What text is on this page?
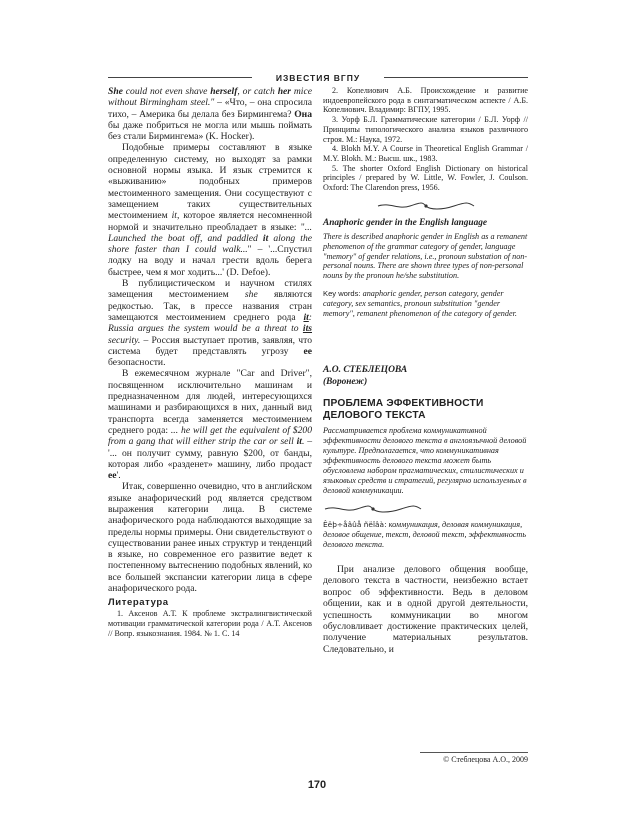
ИЗВЕСТИЯ ВГПУ

She could not even shave herself, or catch her mice without Birmingham steel." – «Что, – она спросила тихо, – Америка бы делала без Бирмингема? Она бы даже побриться не могла или мышь поймать без стали Бирмингема» (K. Hocker).

Подобные примеры составляют в языке определенную систему, но выходят за рамки основной нормы языка. И язык стремится к «выживанию» подобных примеров местоименного замещения. Они сосуществуют с замещением таких существительных местоимением it, которое является несомненной нормой и значительно преобладает в языке: "... Launched the boat off, and paddled it along the shore faster than I could walk..." – '...Спустил лодку на воду и начал грести вдоль берега быстрее, чем я мог ходить...' (D. Defoe).

В публицистическом и научном стилях замещения местоимением she являются редкостью. Так, в прессе названия стран замещаются местоимением среднего рода it: Russia argues the system would be a threat to its security. – Россия выступает против, заявляя, что система будет представлять угрозу ее безопасности.

В ежемесячном журнале "Car and Driver", посвященном исключительно машинам и предназначенном для людей, интересующихся машинами и разбирающихся в них, данный вид транспорта всегда заменяется местоимением среднего рода: ... he will get the equivalent of $200 from a gang that will either strip the car or sell it. – '... он получит сумму, равную $200, от банды, которая либо «разденет» машину, либо продаст ее'.

Итак, совершенно очевидно, что в английском языке анафорический род является средством выражения категории лица. В системе анафорического рода наблюдаются выходящие за пределы нормы примеры. Они свидетельствуют о существовании ранее иных структур и тенденций в языке, но современное его развитие ведет к постепенному вытеснению подобных явлений, ко все большей экспансии категории лица в сфере анафорического рода.

Литература
1. Аксенов А.Т. К проблеме экстралингвистической мотивации грамматической категории рода / А.Т. Аксенов // Вопр. языкознания. 1984. № 1. С. 14
2. Копелиович А.Б. Происхождение и развитие индоевропейского рода в синтагматическом аспекте / А.Б. Копелиович. Владимир: ВГПУ, 1995.
3. Уорф Б.Л. Грамматические категории / Б.Л. Уорф // Принципы типологического анализа языков различного строя. М.: Наука, 1972.
4. Blokh M.Y. A Course in Theoretical English Grammar / M.Y. Blokh. М.: Высш. шк., 1983.
5. The shorter Oxford English Dictionary on historical principles / prepared by W. Little, W. Fowler, J. Coulson. Oxford: The Clarendon press, 1956.
Anaphoric gender in the English language
There is described anaphoric gender in English as a remanent phenomenon of the grammar category of gender, language "memory" of gender relations, i.e., pronoun substation of non-personal nouns. There are shown three types of non-personal nouns by the pronoun he/she substitution.
Key words: anaphoric gender, person category, gender category, sex semantics, pronoun substitution "gender memory", remanent phenomenon of the category of gender.
А.О. СТЕБЛЕЦОВА
(Воронеж)
ПРОБЛЕМА ЭФФЕКТИВНОСТИ
ДЕЛОВОГО ТЕКСТА
Рассматривается проблема коммуникативной эффективности делового текста в англоязычной деловой культуре. Предполагается, что коммуникативная эффективность делового текста может быть обусловлена набором прагматических, стилистических и языковых средств и стратегий, регулярно используемых в деловой коммуникации.
Êëþ÷åâûå ñëîâà: коммуникация, деловая коммуникация, деловое общение, текст, деловой текст, эффективность делового текста.

При анализе делового общения вообще, делового текста в частности, неизбежно встает вопрос об эффективности. Ведь в деловом общении, как и в одной другой деятельности, успешность коммуникации во многом обусловливает достижение практических целей, получение материальных результатов. Следовательно, и

© Стеблецова А.О., 2009
170
